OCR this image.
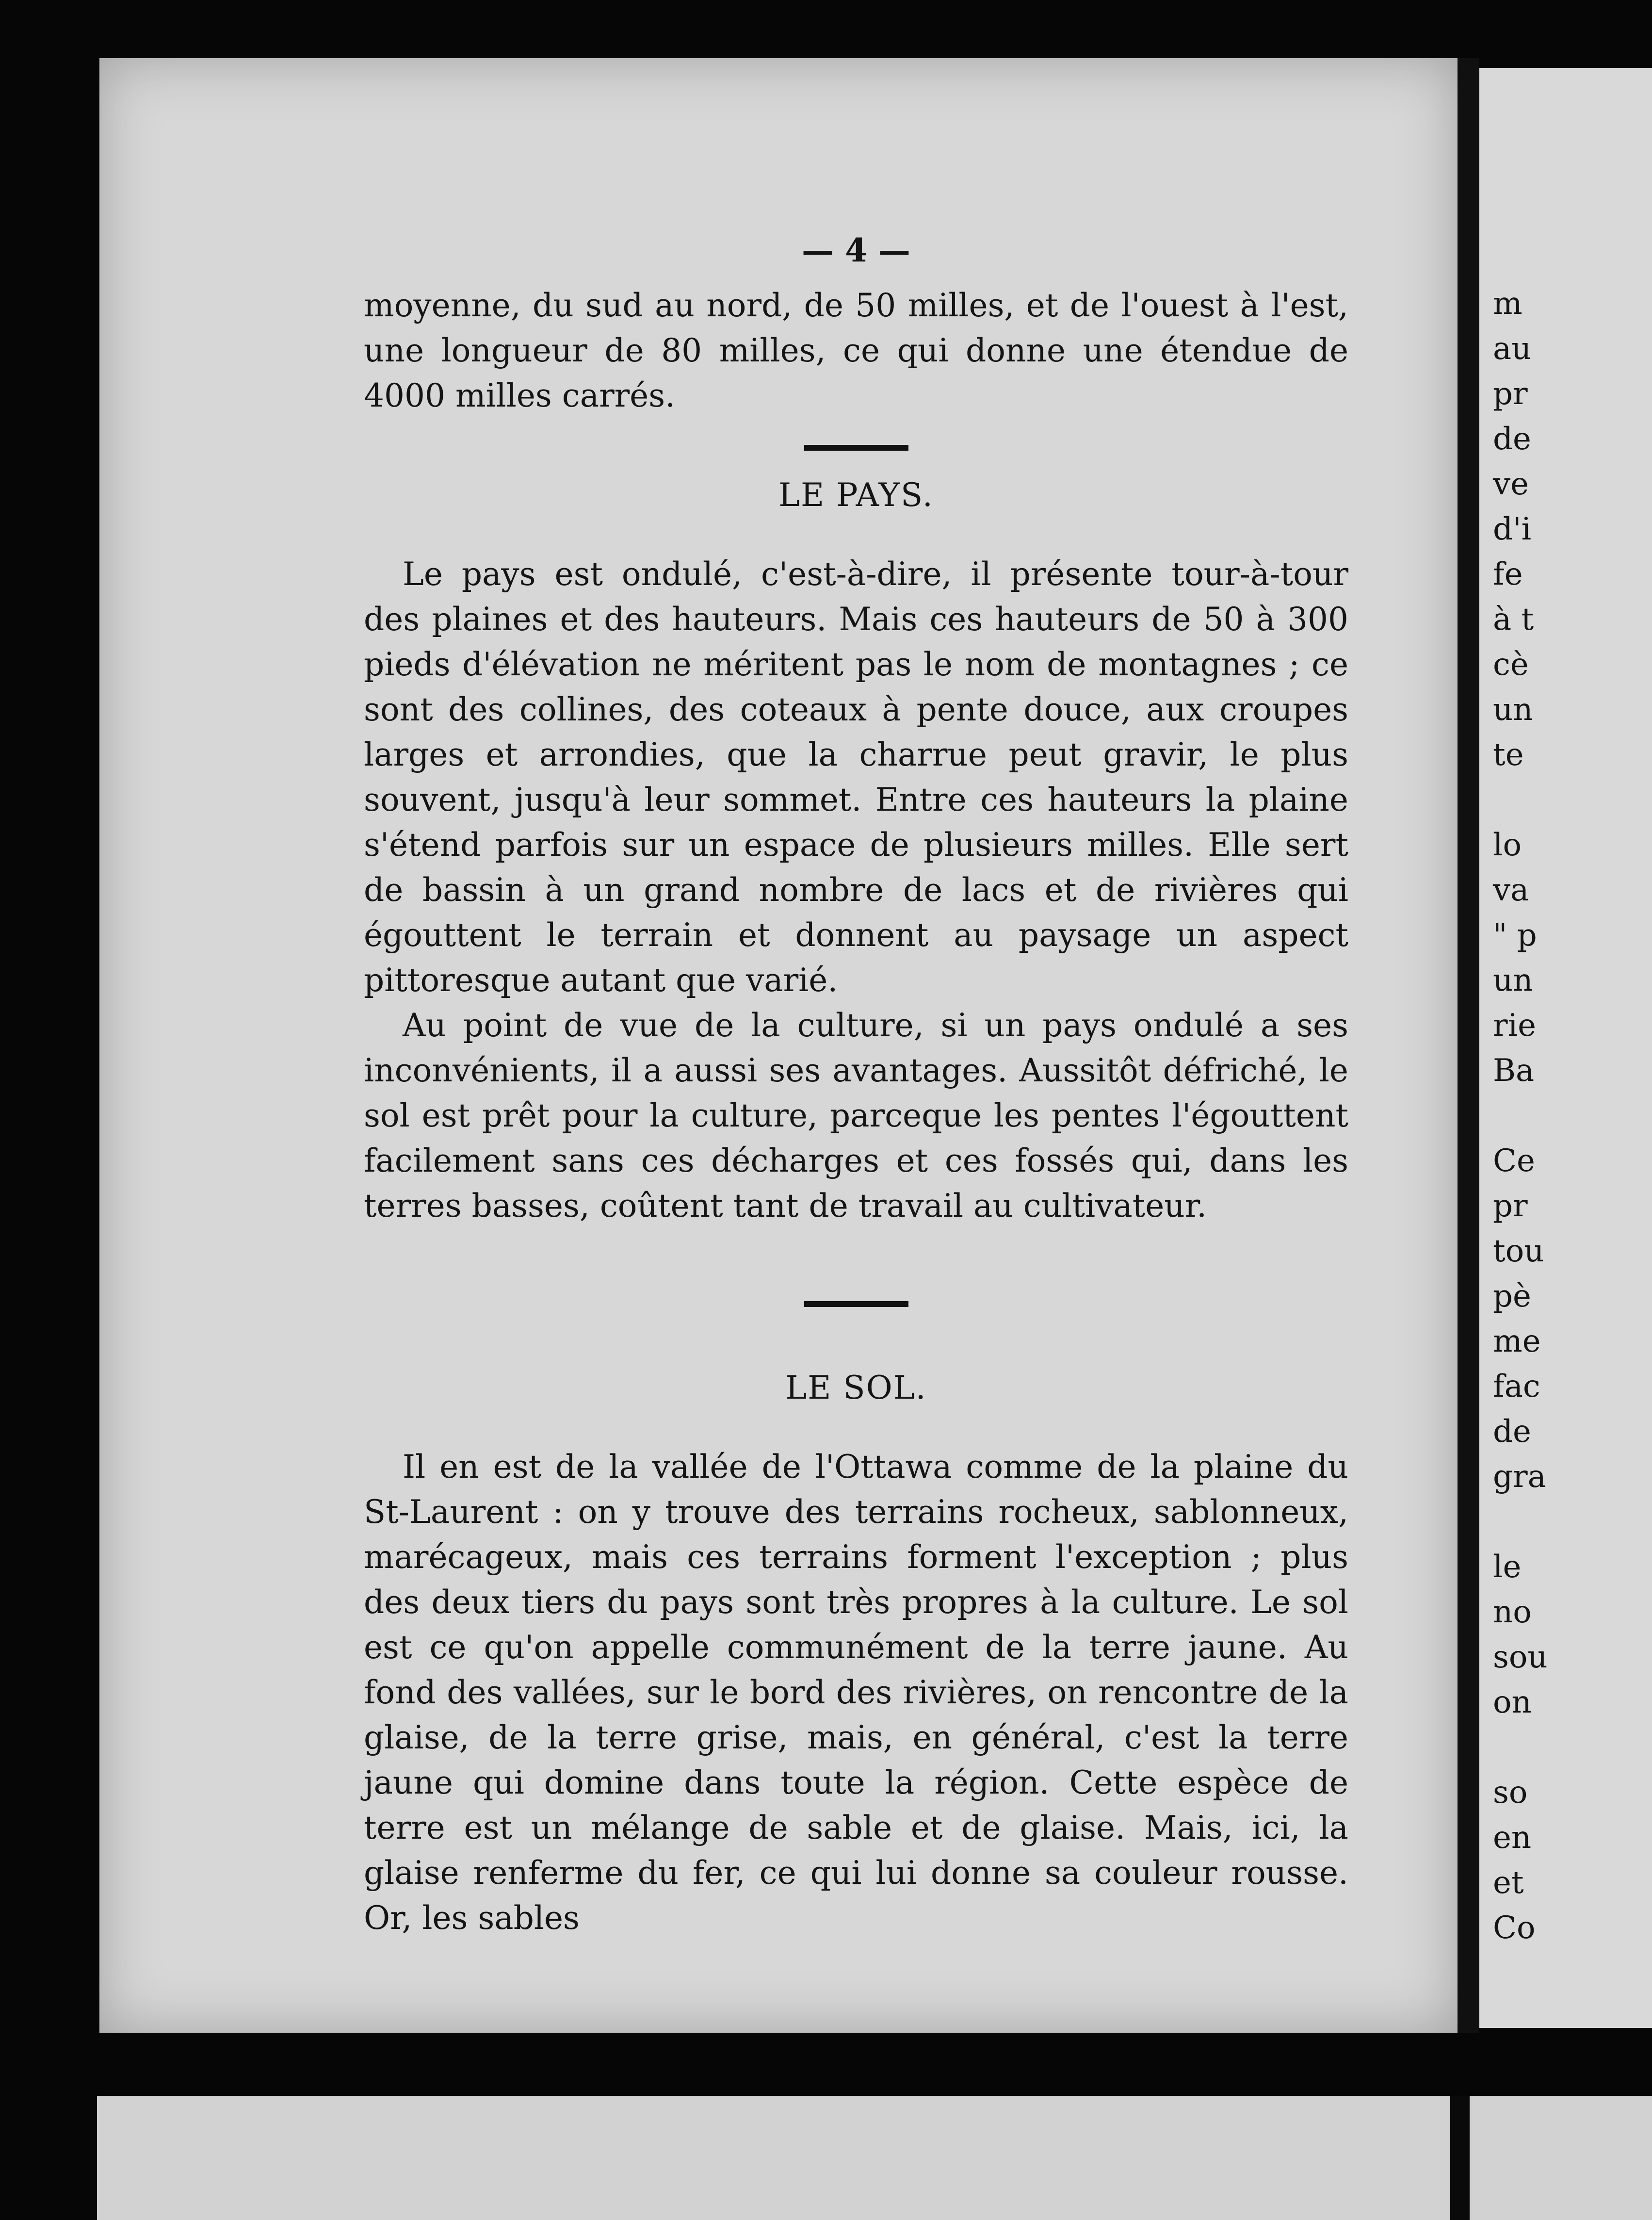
— 4 —

moyenne, du sud au nord, de 50 milles, et de l'ouest à l'est, une longueur de 80 milles, ce qui donne une étendue de 4000 milles carrés.

LE PAYS.

Le pays est ondulé, c'est-à-dire, il présente tour-à-tour des plaines et des hauteurs. Mais ces hauteurs de 50 à 300 pieds d'élévation ne méritent pas le nom de montagnes ; ce sont des collines, des coteaux à pente douce, aux croupes larges et arrondies, que la charrue peut gravir, le plus souvent, jusqu'à leur sommet. Entre ces hauteurs la plaine s'étend parfois sur un espace de plusieurs milles. Elle sert de bassin à un grand nombre de lacs et de rivières qui égouttent le terrain et donnent au paysage un aspect pittoresque autant que varié.

Au point de vue de la culture, si un pays ondulé a ses inconvénients, il a aussi ses avantages. Aussitôt défriché, le sol est prêt pour la culture, parceque les pentes l'égouttent facilement sans ces décharges et ces fossés qui, dans les terres basses, coûtent tant de travail au cultivateur.

LE SOL.

Il en est de la vallée de l'Ottawa comme de la plaine du St-Laurent : on y trouve des terrains rocheux, sablonneux, marécageux, mais ces terrains forment l'exception ; plus des deux tiers du pays sont très propres à la culture. Le sol est ce qu'on appelle communément de la terre jaune. Au fond des vallées, sur le bord des rivières, on rencontre de la glaise, de la terre grise, mais, en général, c'est la terre jaune qui domine dans toute la région. Cette espèce de terre est un mélange de sable et de glaise. Mais, ici, la glaise renferme du fer, ce qui lui donne sa couleur rousse. Or, les sables

m
au
pr
de
ve
d'i
fe
à t
cè
un
te
lo
va
" p
un
rie
Ba
Ce
pr
tou
pè
me
fac
de
gra
le
no
sou
on
so
en
et
Co
